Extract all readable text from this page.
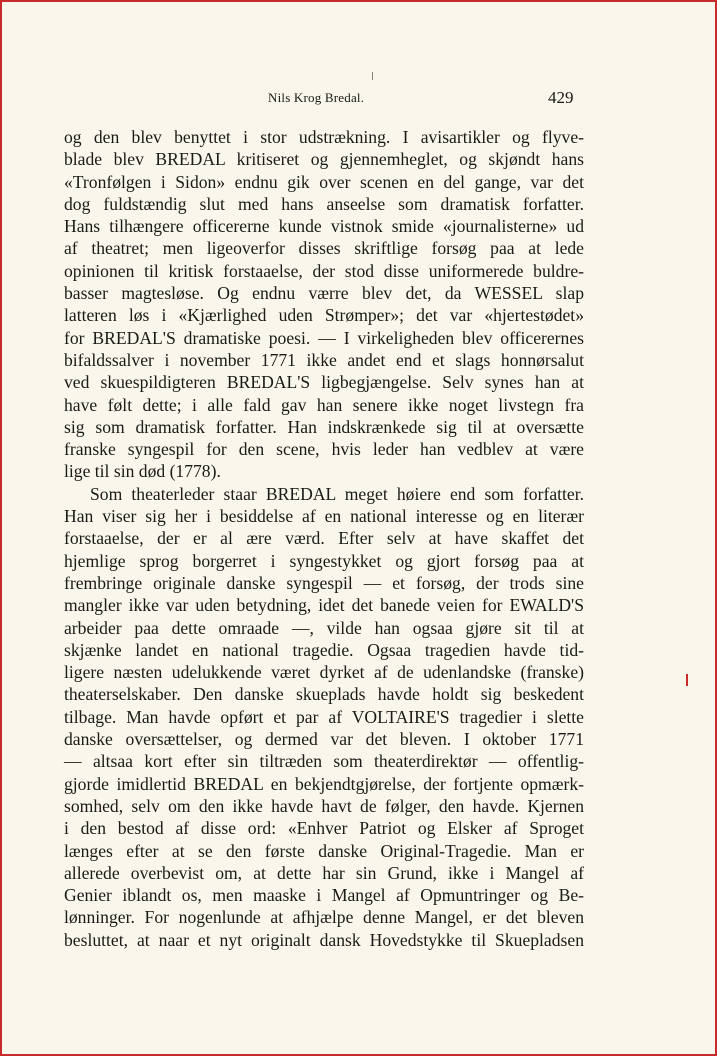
Nils Krog Bredal.	429
og den blev benyttet i stor udstrækning. I avisartikler og flyve-
blade blev BREDAL kritiseret og gjennemheglet, og skjøndt hans
«Tronfølgen i Sidon» endnu gik over scenen en del gange, var det
dog fuldstændig slut med hans anseelse som dramatisk forfatter.
Hans tilhængere officererne kunde vistnok smide «journalisterne» ud
af theatret; men ligeoverfor disses skriftlige forsøg paa at lede
opinionen til kritisk forstaaelse, der stod disse uniformerede buldre-
basser magtesløse. Og endnu værre blev det, da WESSEL slap
latteren løs i «Kjærlighed uden Strømper»; det var «hjertestødet»
for BREDAL'S dramatiske poesi. — I virkeligheden blev officerernes
bifaldssalver i november 1771 ikke andet end et slags honnørsalut
ved skuespildigteren BREDAL'S ligbegjængelse. Selv synes han at
have følt dette; i alle fald gav han senere ikke noget livstegn fra
sig som dramatisk forfatter. Han indskrænkede sig til at oversætte
franske syngespil for den scene, hvis leder han vedblev at være
lige til sin død (1778).
Som theaterleder staar BREDAL meget høiere end som forfatter.
Han viser sig her i besiddelse af en national interesse og en literær
forstaaelse, der er al ære værd. Efter selv at have skaffet det
hjemlige sprog borgerret i syngestykket og gjort forsøg paa at
frembringe originale danske syngespil — et forsøg, der trods sine
mangler ikke var uden betydning, idet det banede veien for EWALD'S
arbeider paa dette omraade —, vilde han ogsaa gjøre sit til at
skjænke landet en national tragedie. Ogsaa tragedien havde tid-
ligere næsten udelukkende været dyrket af de udenlandske (franske)
theaterselskaber. Den danske skueplads havde holdt sig beskedent
tilbage. Man havde opført et par af VOLTAIRE'S tragedier i slette
danske oversættelser, og dermed var det bleven. I oktober 1771
— altsaa kort efter sin tiltræden som theaterdirektør — offentlig-
gjorde imidlertid BREDAL en bekjendtgjørelse, der fortjente opmærk-
somhed, selv om den ikke havde havt de følger, den havde. Kjernen
i den bestod af disse ord: «Enhver Patriot og Elsker af Sproget
længes efter at se den første danske Original-Tragedie. Man er
allerede overbevist om, at dette har sin Grund, ikke i Mangel af
Genier iblandt os, men maaske i Mangel af Opmuntringer og Be-
lønninger. For nogenlunde at afhjælpe denne Mangel, er det bleven
besluttet, at naar et nyt originalt dansk Hovedstykke til Skuepladsen
